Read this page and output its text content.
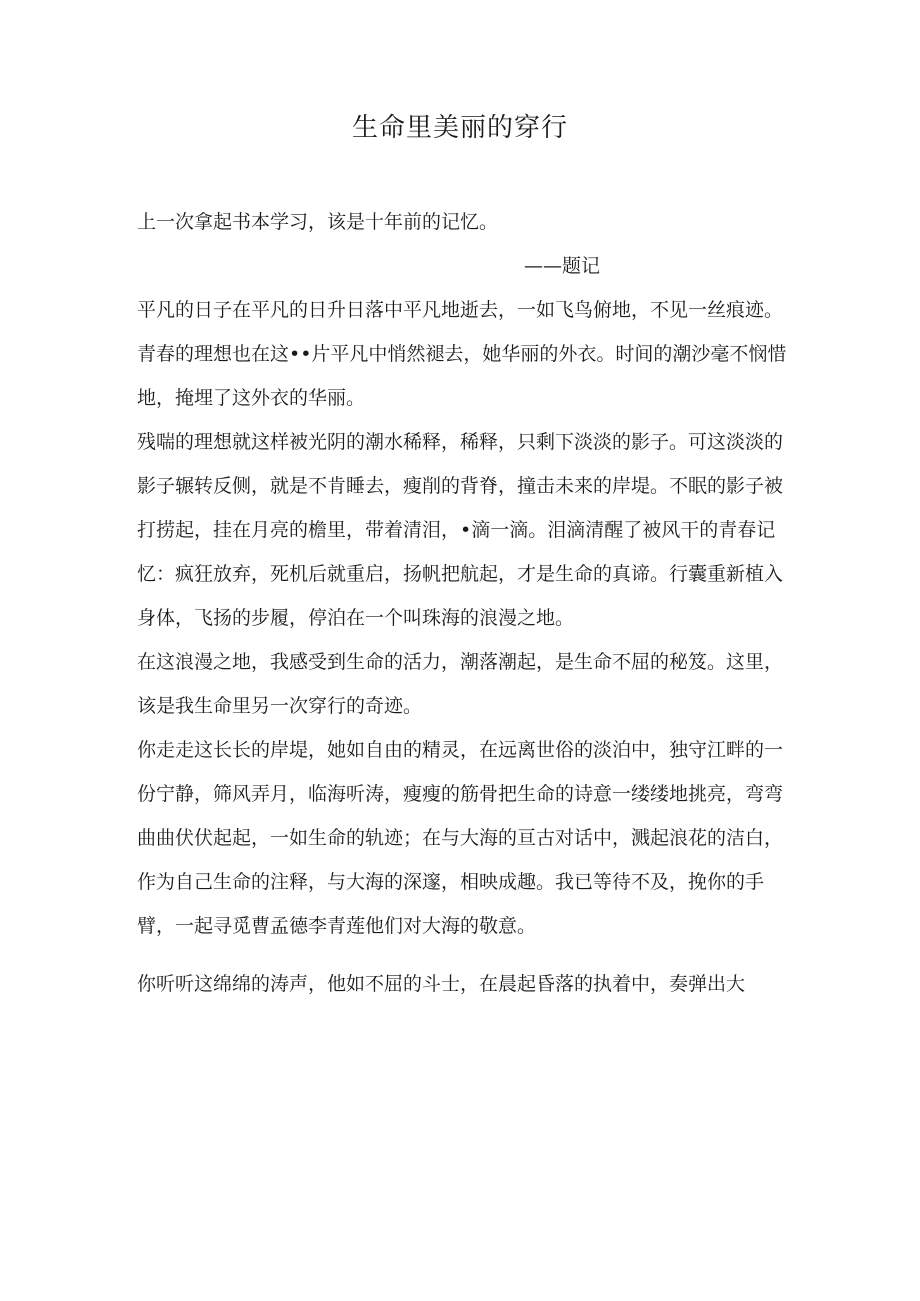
生命里美丽的穿行

上一次拿起书本学习，该是十年前的记忆。

——题记

平凡的日子在平凡的日升日落中平凡地逝去，一如飞鸟俯地，不见一丝痕迹。

青春的理想也在这••片平凡中悄然褪去，她华丽的外衣。时间的潮沙毫不悯惜地，掩埋了这外衣的华丽。

残喘的理想就这样被光阴的潮水稀释，稀释，只剩下淡淡的影子。可这淡淡的影子辗转反侧，就是不肯睡去，瘦削的背脊，撞击未来的岸堤。不眠的影子被打捞起，挂在月亮的檐里，带着清泪，•滴一滴。泪滴清醒了被风干的青春记忆：疯狂放弃，死机后就重启，扬帆把航起，才是生命的真谛。行囊重新植入身体，飞扬的步履，停泊在一个叫珠海的浪漫之地。

在这浪漫之地，我感受到生命的活力，潮落潮起，是生命不屈的秘笈。这里，该是我生命里另一次穿行的奇迹。

你走走这长长的岸堤，她如自由的精灵，在远离世俗的淡泊中，独守江畔的一份宁静，筛风弄月，临海听涛，瘦瘦的筋骨把生命的诗意一缕缕地挑亮，弯弯曲曲伏伏起起，一如生命的轨迹；在与大海的亘古对话中，溅起浪花的洁白，作为自己生命的注释，与大海的深邃，相映成趣。我已等待不及，挽你的手臂，一起寻觅曹孟德李青莲他们对大海的敬意。

你听听这绵绵的涛声，他如不屈的斗士，在晨起昏落的执着中，奏弹出大
